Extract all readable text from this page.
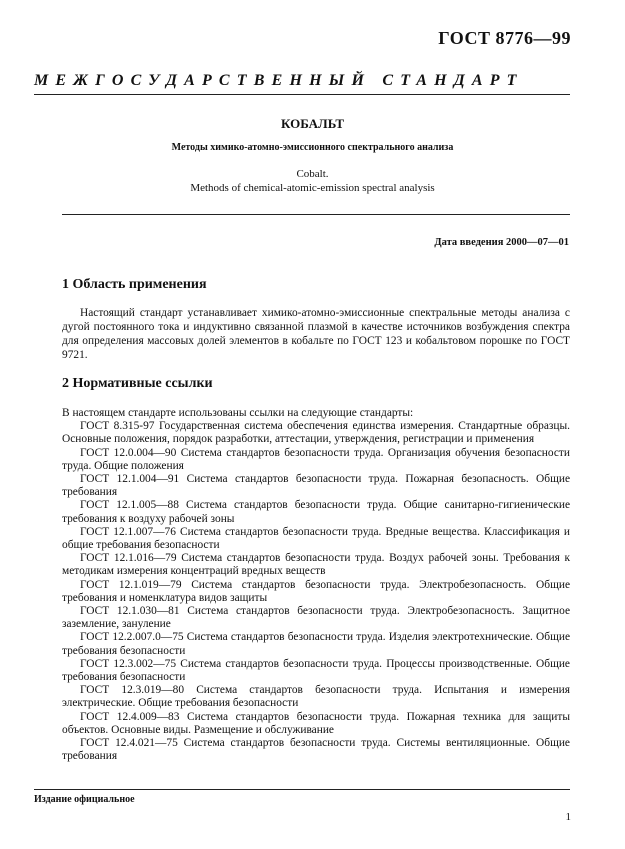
ГОСТ 8776—99
МЕЖГОСУДАРСТВЕННЫЙ СТАНДАРТ
КОБАЛЬТ
Методы химико-атомно-эмиссионного спектрального анализа
Cobalt.
Methods of chemical-atomic-emission spectral analysis
Дата введения 2000—07—01
1 Область применения

Настоящий стандарт устанавливает химико-атомно-эмиссионные спектральные методы анализа с дугой постоянного тока и индуктивно связанной плазмой в качестве источников возбуждения спектра для определения массовых долей элементов в кобальте по ГОСТ 123 и кобальтовом порошке по ГОСТ 9721.

2 Нормативные ссылки

В настоящем стандарте использованы ссылки на следующие стандарты:

ГОСТ 8.315-97 Государственная система обеспечения единства измерения. Стандартные образцы. Основные положения, порядок разработки, аттестации, утверждения, регистрации и применения

ГОСТ 12.0.004—90 Система стандартов безопасности труда. Организация обучения безопасности труда. Общие положения

ГОСТ 12.1.004—91 Система стандартов безопасности труда. Пожарная безопасность. Общие требования

ГОСТ 12.1.005—88 Система стандартов безопасности труда. Общие санитарно-гигиенические требования к воздуху рабочей зоны

ГОСТ 12.1.007—76 Система стандартов безопасности труда. Вредные вещества. Классификация и общие требования безопасности

ГОСТ 12.1.016—79 Система стандартов безопасности труда. Воздух рабочей зоны. Требования к методикам измерения концентраций вредных веществ

ГОСТ 12.1.019—79 Система стандартов безопасности труда. Электробезопасность. Общие требования и номенклатура видов защиты

ГОСТ 12.1.030—81 Система стандартов безопасности труда. Электробезопасность. Защитное заземление, зануление

ГОСТ 12.2.007.0—75 Система стандартов безопасности труда. Изделия электротехнические. Общие требования безопасности

ГОСТ 12.3.002—75 Система стандартов безопасности труда. Процессы производственные. Общие требования безопасности

ГОСТ 12.3.019—80 Система стандартов безопасности труда. Испытания и измерения электрические. Общие требования безопасности

ГОСТ 12.4.009—83 Система стандартов безопасности труда. Пожарная техника для защиты объектов. Основные виды. Размещение и обслуживание

ГОСТ 12.4.021—75 Система стандартов безопасности труда. Системы вентиляционные. Общие требования

Издание официальное
1
